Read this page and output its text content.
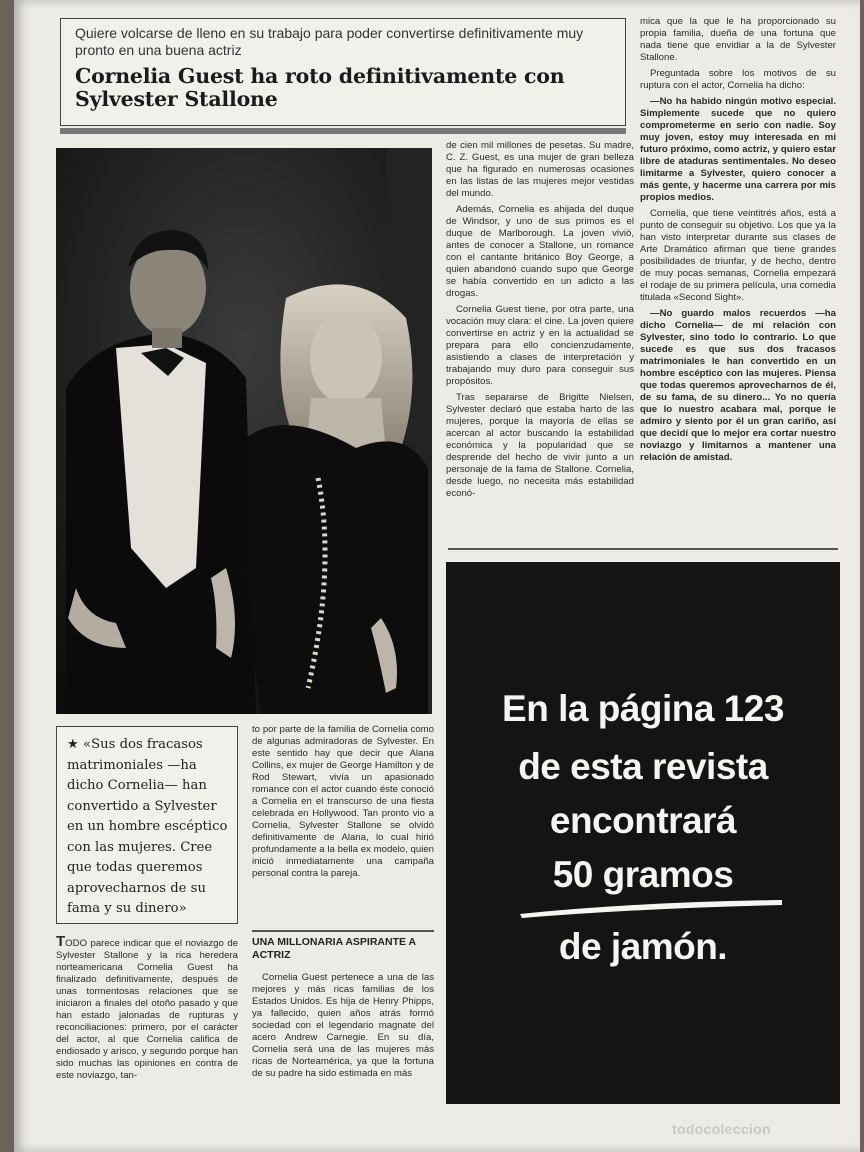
Quiere volcarse de lleno en su trabajo para poder convertirse definitivamente muy pronto en una buena actriz

Cornelia Guest ha roto definitivamente con Sylvester Stallone

mica que la que le ha proporcionado su propia familia, dueña de una fortuna que nada tiene que envidiar a la de Sylvester Stallone.

Preguntada sobre los motivos de su ruptura con el actor, Cornelia ha dicho:

—No ha habido ningún motivo especial. Simplemente sucede que no quiero comprometerme en serio con nadie. Soy muy joven, estoy muy interesada en mi futuro próximo, como actriz, y quiero estar libre de ataduras sentimentales. No deseo limitarme a Sylvester, quiero conocer a más gente, y hacerme una carrera por mis propios medios.

Cornelia, que tiene veintitrés años, está a punto de conseguir su objetivo. Los que ya la han visto interpretar durante sus clases de Arte Dramático afirman que tiene grandes posibilidades de triunfar, y de hecho, dentro de muy pocas semanas, Cornelia empezará el rodaje de su primera película, una comedia titulada «Second Sight».

—No guardo malos recuerdos —ha dicho Cornelia— de mi relación con Sylvester, sino todo lo contrario. Lo que sucede es que sus dos fracasos matrimoniales le han convertido en un hombre escéptico con las mujeres. Piensa que todas queremos aprovecharnos de él, de su fama, de su dinero... Yo no quería que lo nuestro acabara mal, porque le admiro y siento por él un gran cariño, así que decidí que lo mejor era cortar nuestro noviazgo y limitarnos a mantener una relación de amistad.

de cien mil millones de pesetas. Su madre, C. Z. Guest, es una mujer de gran belleza que ha figurado en numerosas ocasiones en las listas de las mujeres mejor vestidas del mundo.

Además, Cornelia es ahijada del duque de Windsor, y uno de sus primos es el duque de Marlborough. La joven vivió, antes de conocer a Stallone, un romance con el cantante británico Boy George, a quien abandonó cuando supo que George se había convertido en un adicto a las drogas.

Cornelia Guest tiene, por otra parte, una vocación muy clara: el cine. La joven quiere convertirse en actriz y en la actualidad se prepara para ello concienzudamente, asistiendo a clases de interpretación y trabajando muy duro para conseguir sus propósitos.

Tras separarse de Brigitte Nielsen, Sylvester declaró que estaba harto de las mujeres, porque la mayoría de ellas se acercan al actor buscando la estabilidad económica y la popularidad que se desprende del hecho de vivir junto a un personaje de la fama de Stallone. Cornelia, desde luego, no necesita más estabilidad econó-

★ «Sus dos fracasos matrimoniales —ha dicho Cornelia— han convertido a Sylvester en un hombre escéptico con las mujeres. Cree que todas queremos aprovecharnos de su fama y su dinero»

TODO parece indicar que el noviazgo de Sylvester Stallone y la rica heredera norteamericana Cornelia Guest ha finalizado definitivamente, después de unas tormentosas relaciones que se iniciaron a finales del otoño pasado y que han estado jalonadas de rupturas y reconciliaciones: primero, por el carácter del actor, al que Cornelia califica de endiosado y arisco, y segundo porque han sido muchas las opiniones en contra de este noviazgo, tan-

to por parte de la familia de Cornelia como de algunas admiradoras de Sylvester. En este sentido hay que decir que Alana Collins, ex mujer de George Hamilton y de Rod Stewart, vivía un apasionado romance con el actor cuando éste conoció a Cornelia en el transcurso de una fiesta celebrada en Hollywood. Tan pronto vio a Cornelia, Sylvester Stallone se olvidó definitivamente de Alana, lo cual hirió profundamente a la bella ex modelo, quien inició inmediatamente una campaña personal contra la pareja.

UNA MILLONARIA ASPIRANTE A ACTRIZ

Cornelia Guest pertenece a una de las mejores y más ricas familias de los Estados Unidos. Es hija de Henry Phipps, ya fallecido, quien años atrás formó sociedad con el legendario magnate del acero Andrew Carnegie. En su día, Cornelia será una de las mujeres más ricas de Norteamérica, ya que la fortuna de su padre ha sido estimada en más

En la página 123
de esta revista
encontrará
50 gramos
de jamón.
todocoleccion
